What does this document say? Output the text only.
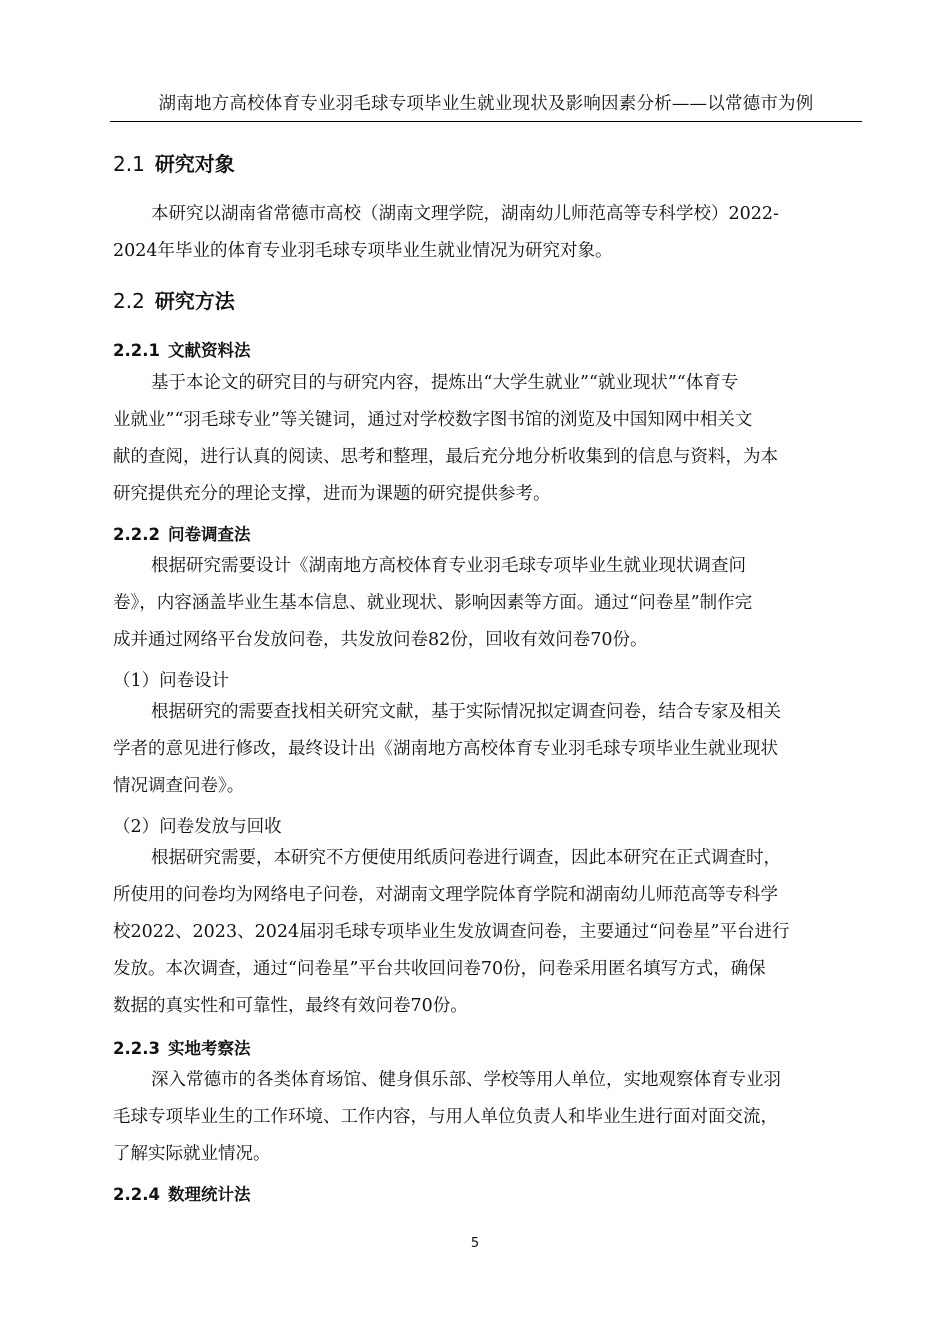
湖南地方高校体育专业羽毛球专项毕业生就业现状及影响因素分析——以常德市为例
2.1 研究对象
本研究以湖南省常德市高校（湖南文理学院，湖南幼儿师范高等专科学校）2022-
2024年毕业的体育专业羽毛球专项毕业生就业情况为研究对象。
2.2 研究方法
2.2.1 文献资料法
基于本论文的研究目的与研究内容，提炼出“大学生就业”“就业现状”“体育专
业就业”“羽毛球专业”等关键词，通过对学校数字图书馆的浏览及中国知网中相关文
献的查阅，进行认真的阅读、思考和整理，最后充分地分析收集到的信息与资料，为本
研究提供充分的理论支撑，进而为课题的研究提供参考。
2.2.2 问卷调查法
根据研究需要设计《湖南地方高校体育专业羽毛球专项毕业生就业现状调查问
卷》，内容涵盖毕业生基本信息、就业现状、影响因素等方面。通过“问卷星”制作完
成并通过网络平台发放问卷，共发放问卷82份，回收有效问卷70份。
（1）问卷设计
根据研究的需要查找相关研究文献，基于实际情况拟定调查问卷，结合专家及相关
学者的意见进行修改，最终设计出《湖南地方高校体育专业羽毛球专项毕业生就业现状
情况调查问卷》。
（2）问卷发放与回收
根据研究需要，本研究不方便使用纸质问卷进行调查，因此本研究在正式调查时，
所使用的问卷均为网络电子问卷，对湖南文理学院体育学院和湖南幼儿师范高等专科学
校2022、2023、2024届羽毛球专项毕业生发放调查问卷，主要通过“问卷星”平台进行
发放。本次调查，通过“问卷星”平台共收回问卷70份，问卷采用匿名填写方式，确保
数据的真实性和可靠性，最终有效问卷70份。
2.2.3 实地考察法
深入常德市的各类体育场馆、健身俱乐部、学校等用人单位，实地观察体育专业羽
毛球专项毕业生的工作环境、工作内容，与用人单位负责人和毕业生进行面对面交流，
了解实际就业情况。
2.2.4 数理统计法
5
